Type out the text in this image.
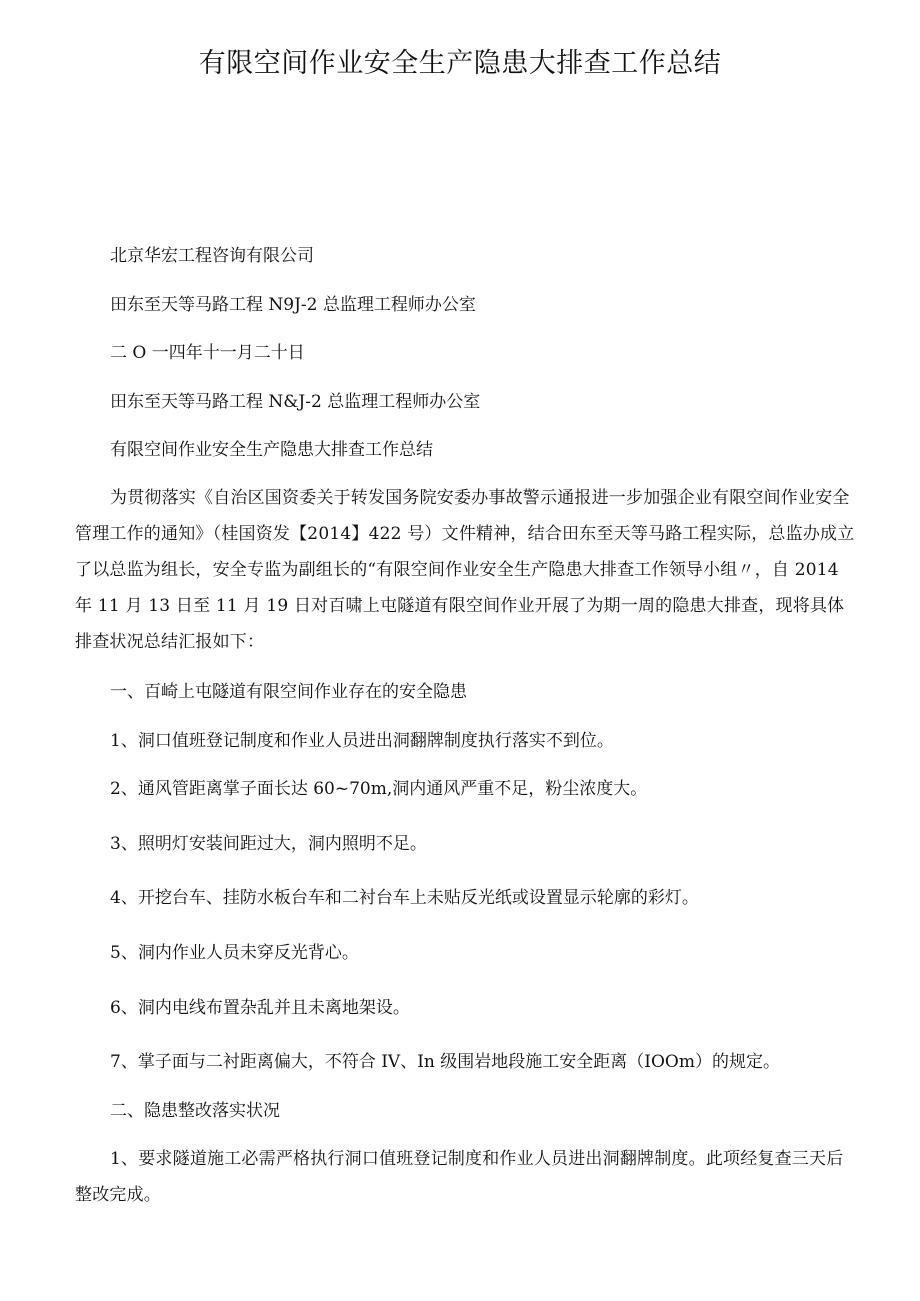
有限空间作业安全生产隐患大排查工作总结

北京华宏工程咨询有限公司

田东至天等马路工程 N9J-2 总监理工程师办公室

二 O 一四年十一月二十日

田东至天等马路工程 N&J-2 总监理工程师办公室

有限空间作业安全生产隐患大排查工作总结

为贯彻落实《自治区国资委关于转发国务院安委办事故警示通报进一步加强企业有限空间作业安全管理工作的通知》（桂国资发【2014】422 号）文件精神，结合田东至天等马路工程实际，总监办成立了以总监为组长，安全专监为副组长的“有限空间作业安全生产隐患大排查工作领导小组〃，自 2014 年 11 月 13 日至 11 月 19 日对百啸上屯隧道有限空间作业开展了为期一周的隐患大排查，现将具体排查状况总结汇报如下：

一、百崎上屯隧道有限空间作业存在的安全隐患

1、洞口值班登记制度和作业人员进出洞翻牌制度执行落实不到位。

2、通风管距离掌子面长达 60~70m,洞内通风严重不足，粉尘浓度大。

3、照明灯安装间距过大，洞内照明不足。

4、开挖台车、挂防水板台车和二衬台车上未贴反光纸或设置显示轮廓的彩灯。

5、洞内作业人员未穿反光背心。

6、洞内电线布置杂乱并且未离地架设。

7、掌子面与二衬距离偏大，不符合 IV、In 级围岩地段施工安全距离（IOOm）的规定。

二、隐患整改落实状况

1、要求隧道施工必需严格执行洞口值班登记制度和作业人员进出洞翻牌制度。此项经复查三天后整改完成。
